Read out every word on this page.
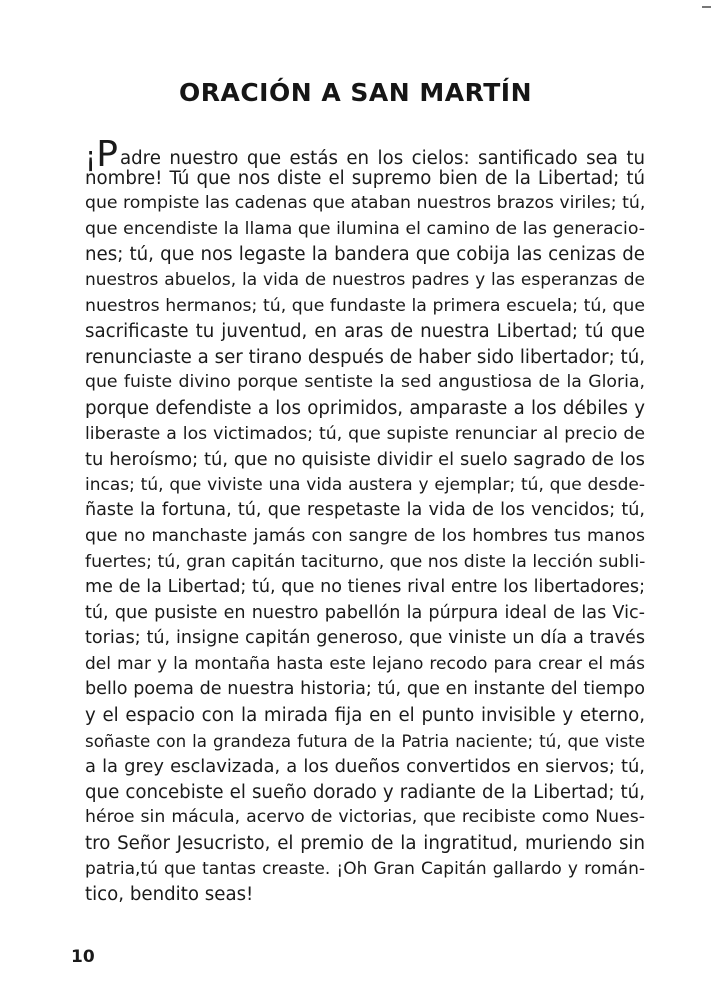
ORACIÓN A SAN MARTÍN
¡P adre nuestro que estás en los cielos: santificado sea tu
nombre! Tú que nos diste el supremo bien de la Libertad; tú
que rompiste las cadenas que ataban nuestros brazos viriles; tú,
que encendiste la llama que ilumina el camino de las generacio-
nes; tú, que nos legaste la bandera que cobija las cenizas de
nuestros abuelos, la vida de nuestros padres y las esperanzas de
nuestros hermanos; tú, que fundaste la primera escuela; tú, que
sacrificaste tu juventud, en aras de nuestra Libertad; tú que
renunciaste a ser tirano después de haber sido libertador; tú,
que fuiste divino porque sentiste la sed angustiosa de la Gloria,
porque defendiste a los oprimidos, amparaste a los débiles y
liberaste a los victimados; tú, que supiste renunciar al precio de
tu heroísmo; tú, que no quisiste dividir el suelo sagrado de los
incas; tú, que viviste una vida austera y ejemplar; tú, que desde-
ñaste la fortuna, tú, que respetaste la vida de los vencidos; tú,
que no manchaste jamás con sangre de los hombres tus manos
fuertes; tú, gran capitán taciturno, que nos diste la lección subli-
me de la Libertad; tú, que no tienes rival entre los libertadores;
tú, que pusiste en nuestro pabellón la púrpura ideal de las Vic-
torias; tú, insigne capitán generoso, que viniste un día a través
del mar y la montaña hasta este lejano recodo para crear el más
bello poema de nuestra historia; tú, que en instante del tiempo
y el espacio con la mirada fija en el punto invisible y eterno,
soñaste con la grandeza futura de la Patria naciente; tú, que viste
a la grey esclavizada, a los dueños convertidos en siervos; tú,
que concebiste el sueño dorado y radiante de la Libertad; tú,
héroe sin mácula, acervo de victorias, que recibiste como Nues-
tro Señor Jesucristo, el premio de la ingratitud, muriendo sin
patria,tú que tantas creaste. ¡Oh Gran Capitán gallardo y román-
tico, bendito seas!
10
